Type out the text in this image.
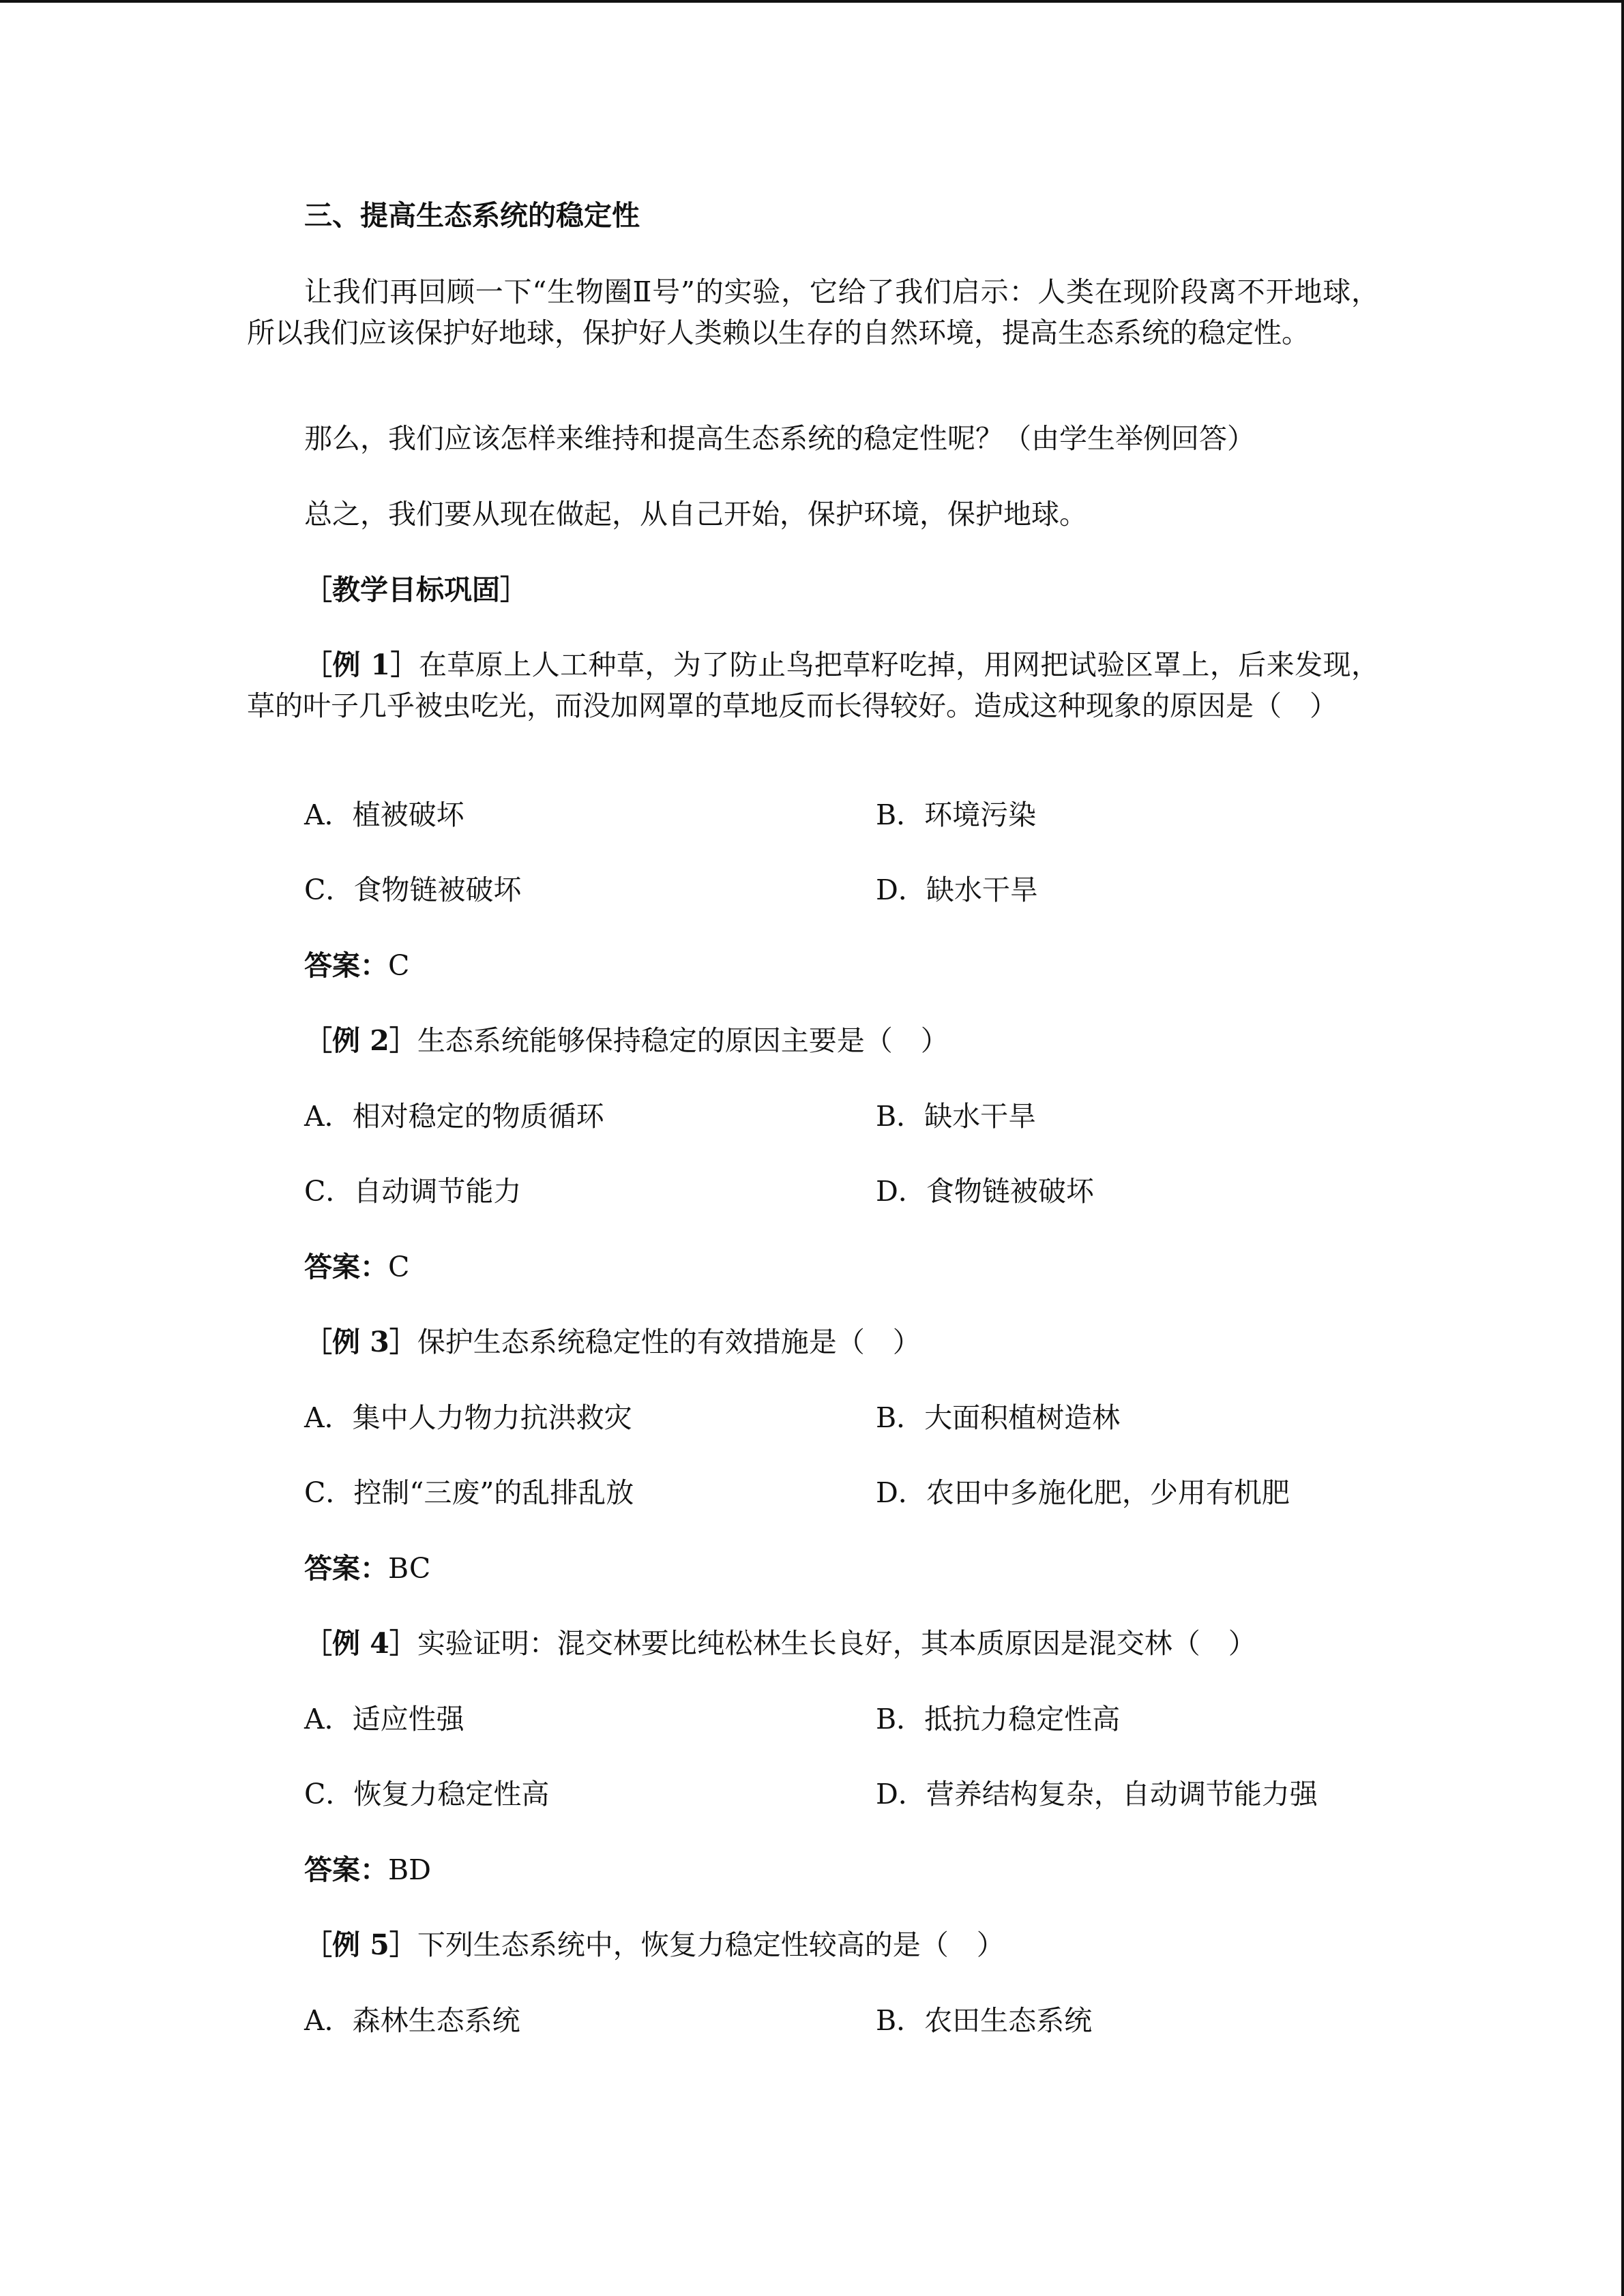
三、提高生态系统的稳定性
让我们再回顾一下“生物圈Ⅱ号”的实验，它给了我们启示：人类在现阶段离不开地球，所以我们应该保护好地球，保护好人类赖以生存的自然环境，提高生态系统的稳定性。
那么，我们应该怎样来维持和提高生态系统的稳定性呢？（由学生举例回答）
总之，我们要从现在做起，从自己开始，保护环境，保护地球。
［教学目标巩固］
［例 1］在草原上人工种草，为了防止鸟把草籽吃掉，用网把试验区罩上，后来发现，草的叶子几乎被虫吃光，而没加网罩的草地反而长得较好。造成这种现象的原因是（　）
A．植被破坏	B．环境污染
C．食物链被破坏	D．缺水干旱
答案：C
［例 2］生态系统能够保持稳定的原因主要是（　）
A．相对稳定的物质循环	B．缺水干旱
C．自动调节能力	D．食物链被破坏
答案：C
［例 3］保护生态系统稳定性的有效措施是（　）
A．集中人力物力抗洪救灾	B．大面积植树造林
C．控制“三废”的乱排乱放	D．农田中多施化肥，少用有机肥
答案：BC
［例 4］实验证明：混交林要比纯松林生长良好，其本质原因是混交林（　）
A．适应性强	B．抵抗力稳定性高
C．恢复力稳定性高	D．营养结构复杂，自动调节能力强
答案：BD
［例 5］下列生态系统中，恢复力稳定性较高的是（　）
A．森林生态系统	B．农田生态系统
